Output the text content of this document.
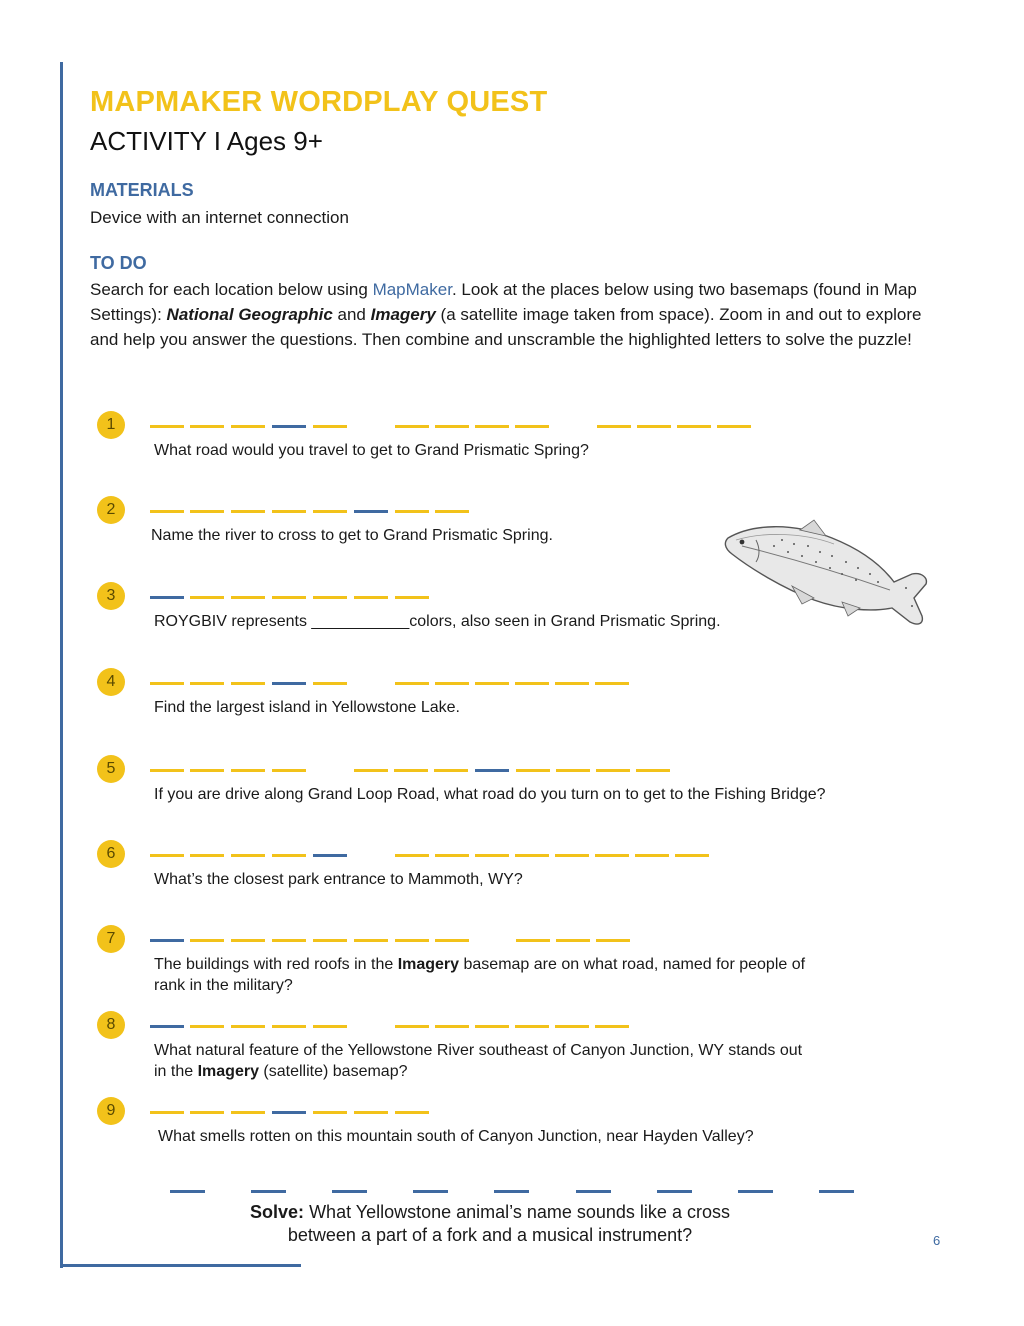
MAPMAKER WORDPLAY QUEST
ACTIVITY I Ages 9+
MATERIALS
Device with an internet connection
TO DO
Search for each location below using MapMaker. Look at the places below using two basemaps (found in Map Settings): National Geographic and Imagery (a satellite image taken from space). Zoom in and out to explore and help you answer the questions. Then combine and unscramble the highlighted letters to solve the puzzle!
1
What road would you travel to get to Grand Prismatic Spring?
2
Name the river to cross to get to Grand Prismatic Spring.
3
ROYGBIV represents ___________colors, also seen in Grand Prismatic Spring.
4
Find the largest island in Yellowstone Lake.
5
If you are drive along Grand Loop Road, what road do you turn on to get to the Fishing Bridge?
6
What’s the closest park entrance to Mammoth, WY?
7
The buildings with red roofs in the Imagery basemap are on what road, named for people of rank in the military?
8
What natural feature of the Yellowstone River southeast of Canyon Junction, WY stands out in the Imagery (satellite) basemap?
9
What smells rotten on this mountain south of Canyon Junction, near Hayden Valley?
Solve: What Yellowstone animal’s name sounds like a cross
between a part of a fork and a musical instrument?	6
